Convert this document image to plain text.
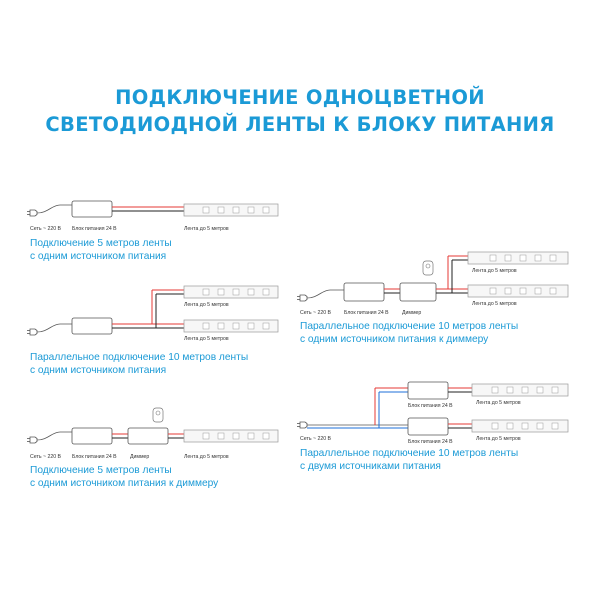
ПОДКЛЮЧЕНИЕ ОДНОЦВЕТНОЙ
СВЕТОДИОДНОЙ ЛЕНТЫ К БЛОКУ ПИТАНИЯ
Сеть ~ 220 В Блок питания 24 В	Лента до 5 метров
Лента до 5 метров
Лента до 5 метров
Сеть ~ 220 В Блок питания 24 В	Диммер	Лента до 5 метров
Сеть ~ 220 В Блок питания 24 В	Диммер
Лента до 5 метров
Лента до 5 метров
Блок питания 24 В
Блок питания 24 В
Лента до 5 метров
Лента до 5 метров
Сеть ~ 220 В
Подключение 5 метров ленты
с одним источником питания
Параллельное подключение 10 метров ленты
с одним источником питания
Подключение 5 метров ленты
с одним источником питания к диммеру
Параллельное подключение 10 метров ленты
с одним источником питания к диммеру
Параллельное подключение 10 метров ленты
с двумя источниками питания
